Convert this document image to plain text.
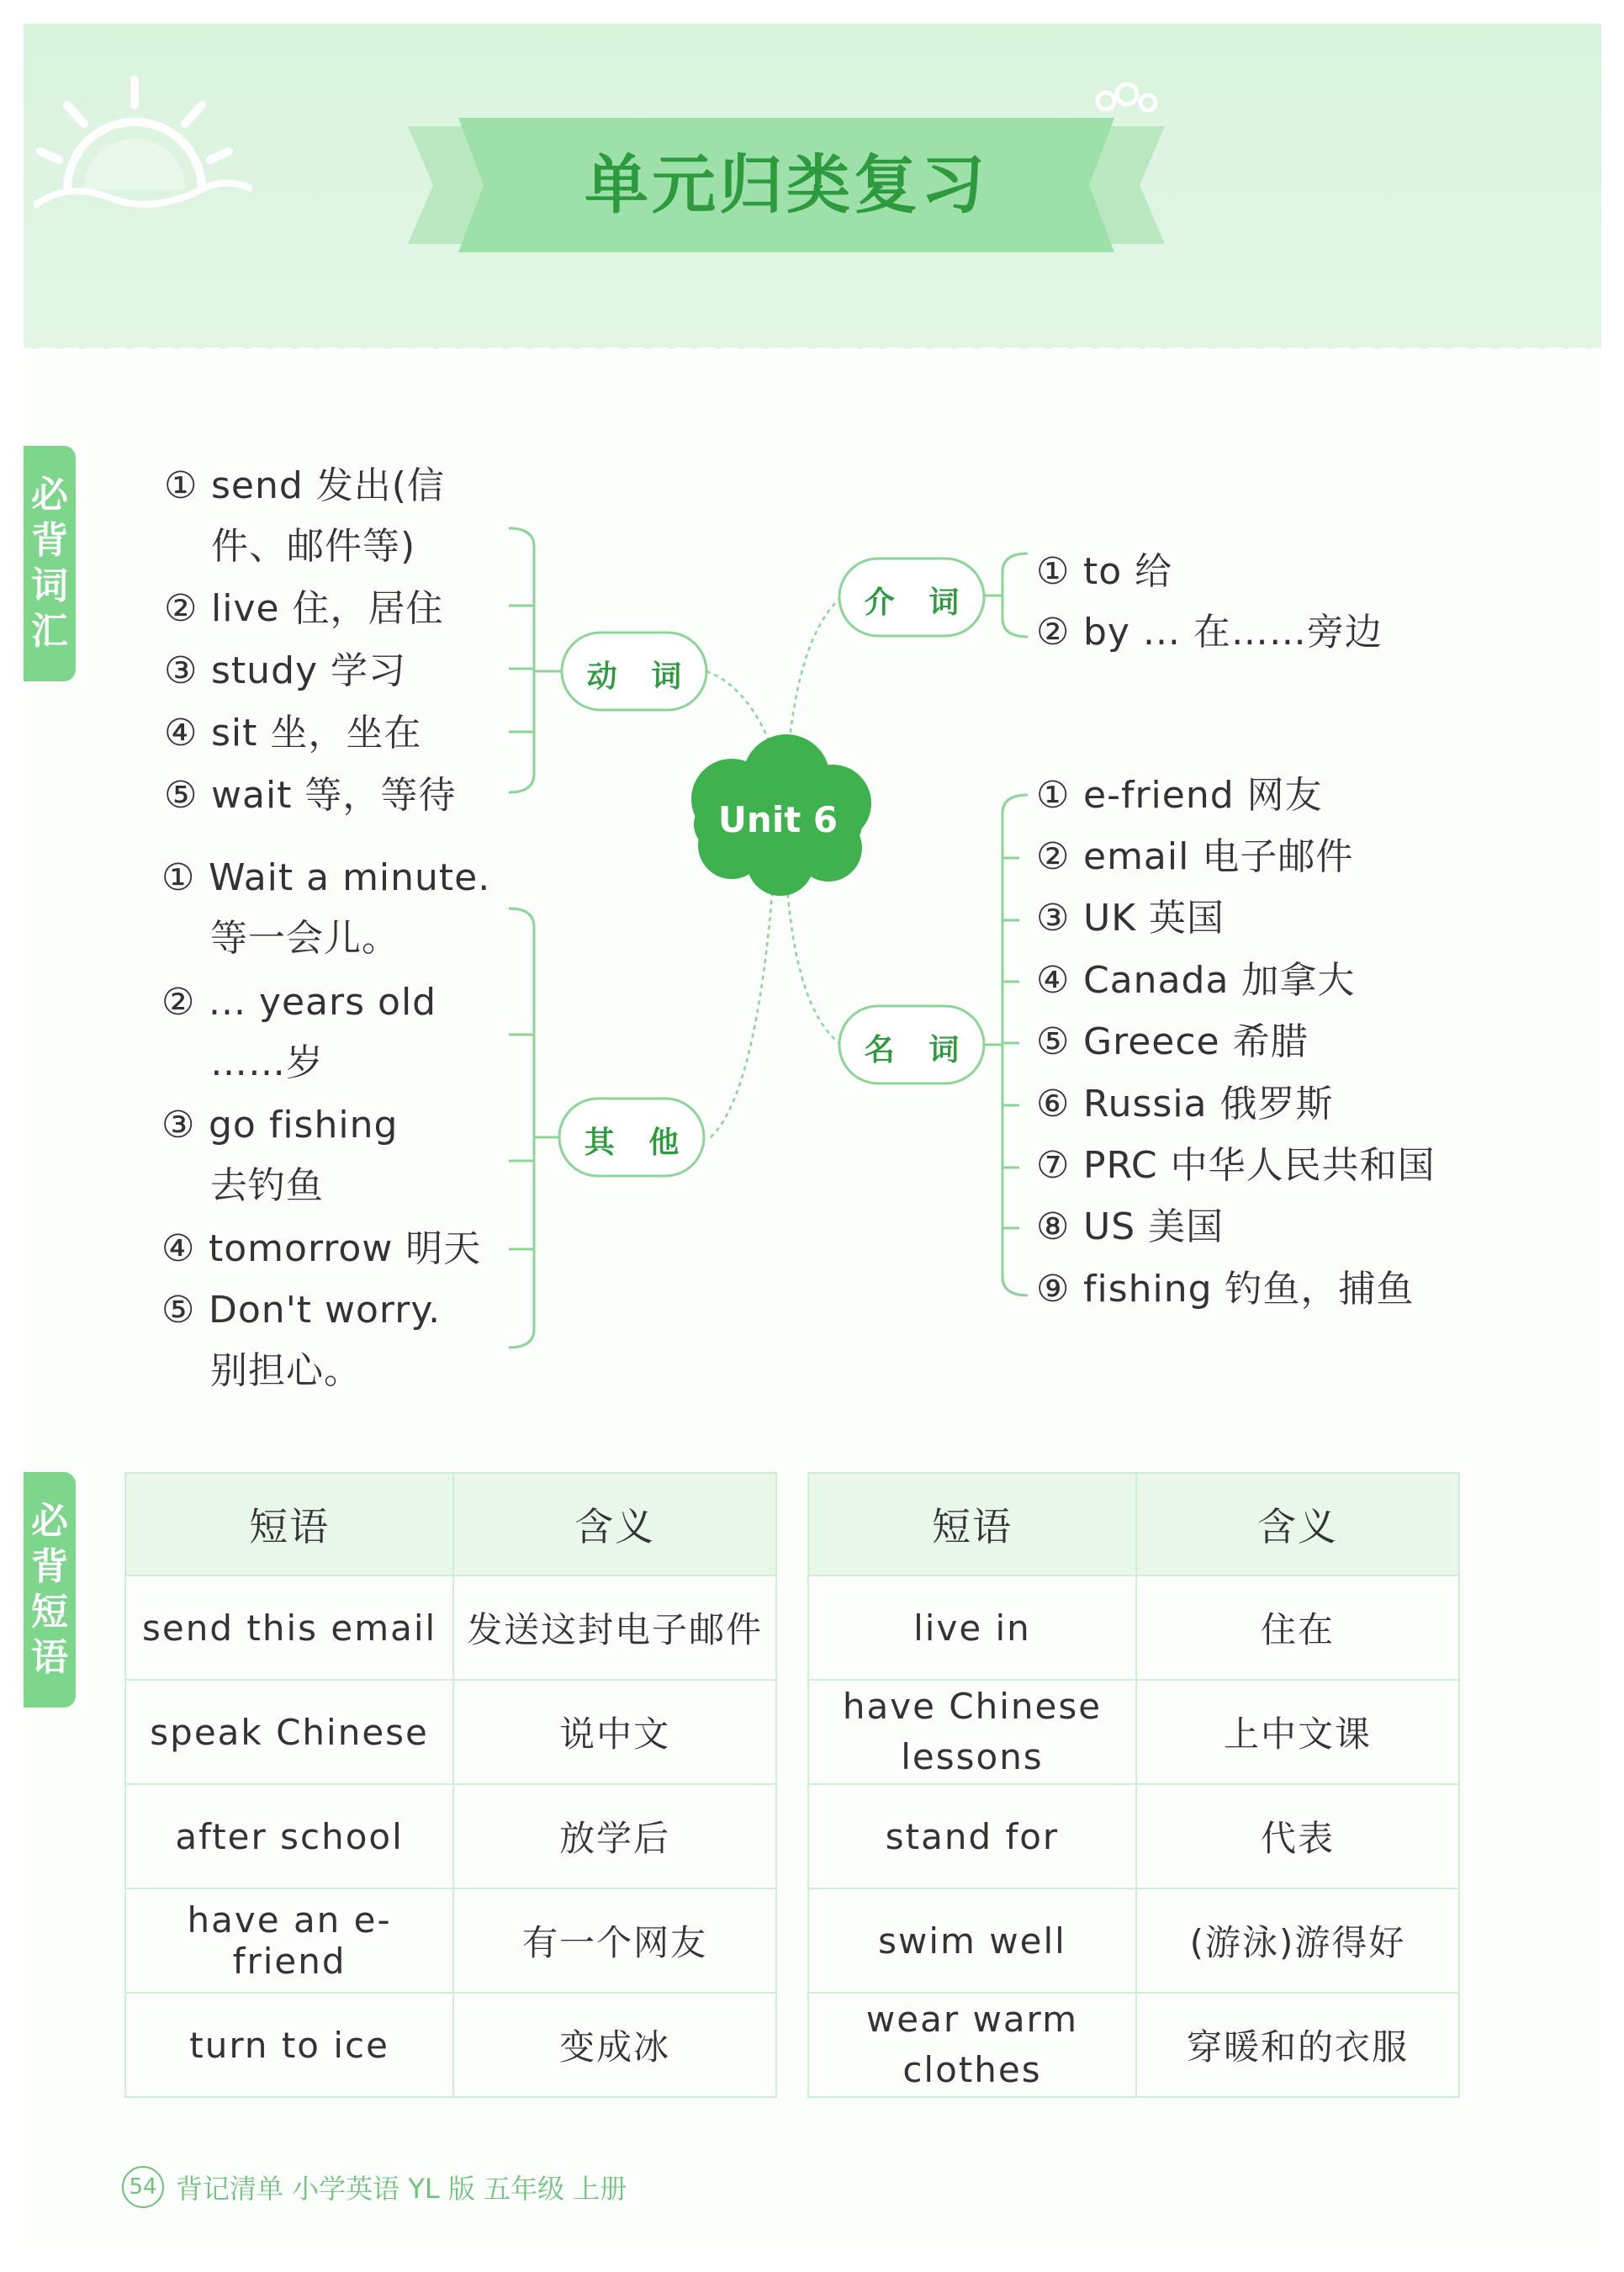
单元归类复习
必
背
词
汇
必
背
短
语
Unit 6
动 词
其 他
介 词
名 词
① send 发出(信
件、邮件等)
② live 住，居住
③ study 学习
④ sit 坐，坐在
⑤ wait 等，等待
① Wait a minute.
等一会儿。
② ... years old
……岁
③ go fishing
去钓鱼
④ tomorrow 明天
⑤ Don't worry.
别担心。
① to 给
② by ... 在……旁边
① e-friend 网友
② email 电子邮件
③ UK 英国
④ Canada 加拿大
⑤ Greece 希腊
⑥ Russia 俄罗斯
⑦ PRC 中华人民共和国
⑧ US 美国
⑨ fishing 钓鱼，捕鱼
短语	含义
send this email	发送这封电子邮件
speak Chinese	说中文
after school	放学后
have an e-friend	有一个网友
turn to ice	变成冰
短语	含义
live in	住在
have Chinese lessons	上中文课
stand for	代表
swim well	(游泳)游得好
wear warm clothes	穿暖和的衣服
54 背记清单 小学英语 YL 版 五年级 上册
